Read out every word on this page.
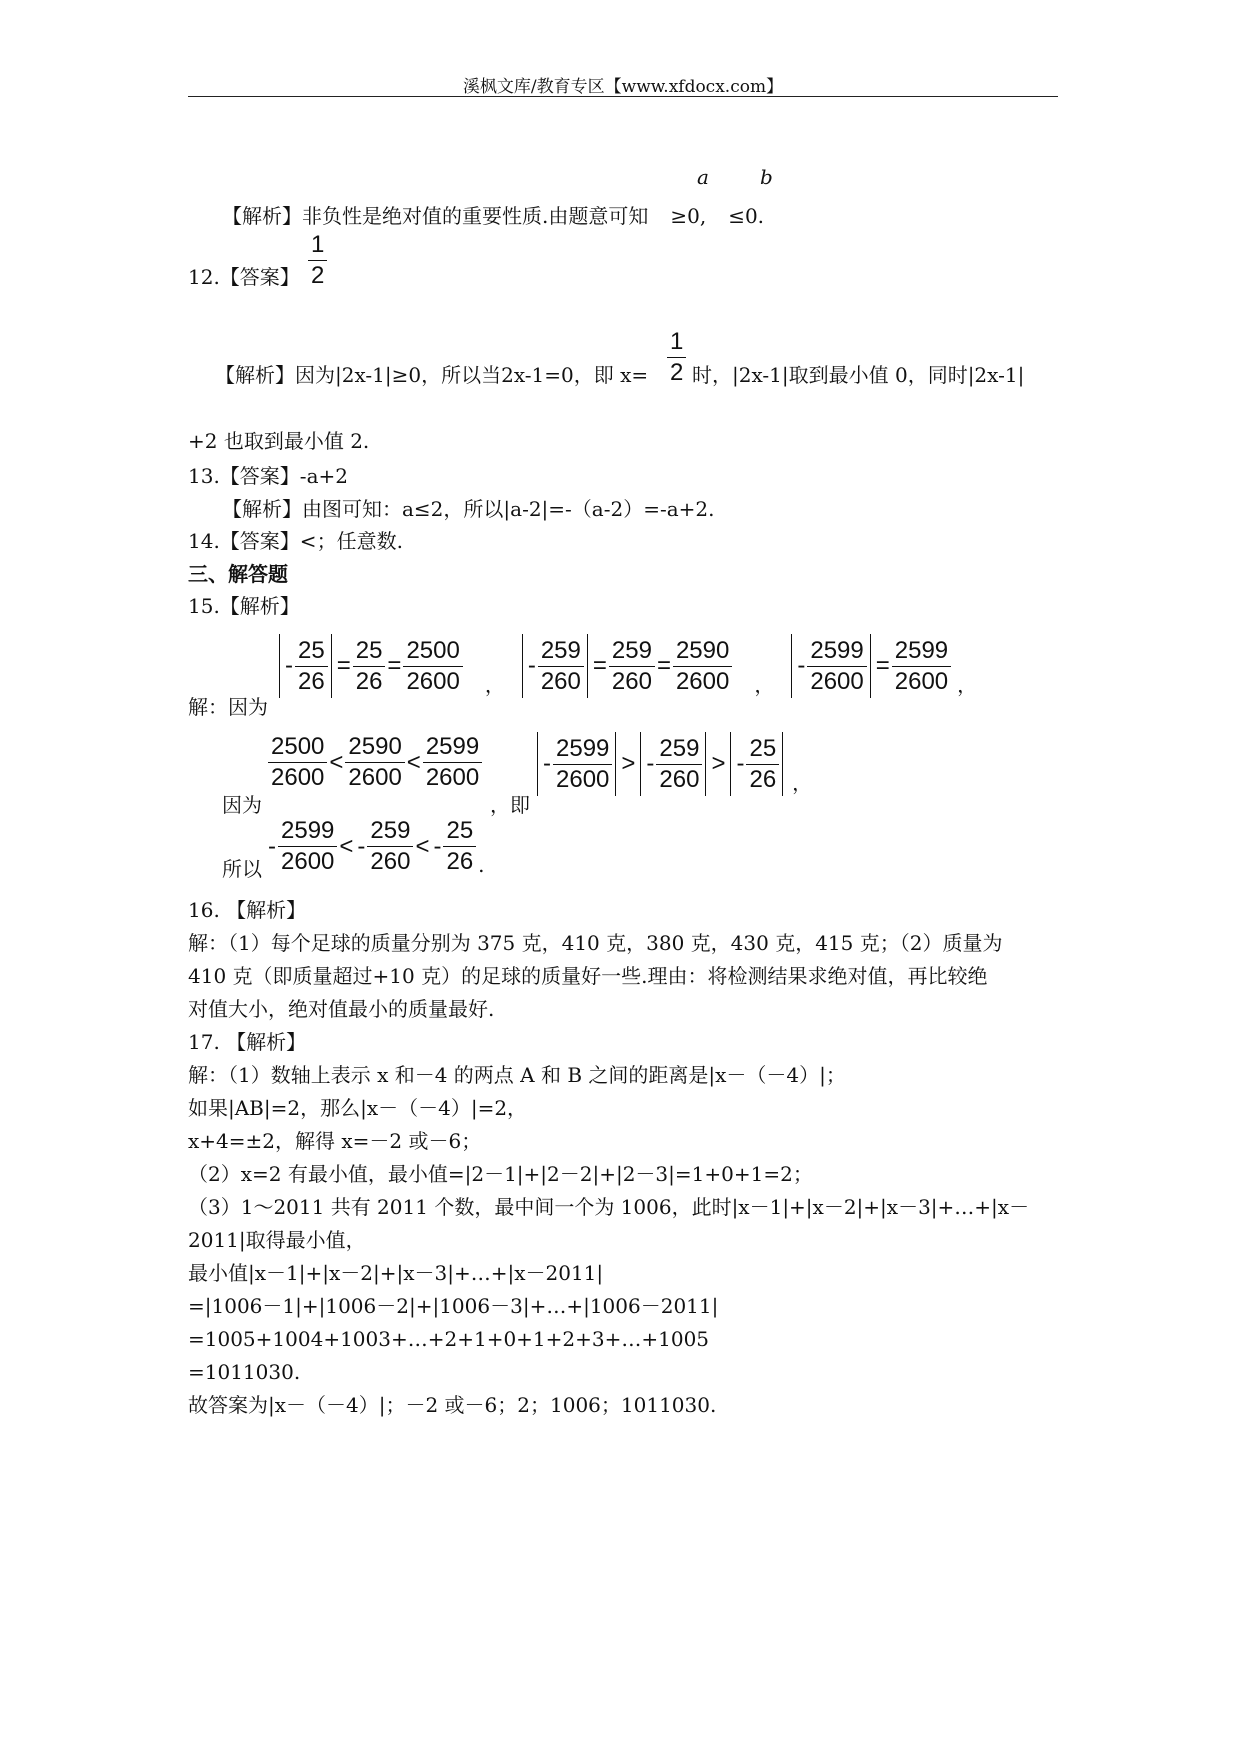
溪枫文库/教育专区【www.xfdocx.com】
a	b
【解析】非负性是绝对值的重要性质.由题意可知 ≥0, ≤0.
12.【答案】 $\frac{1}{2}$
【解析】因为|2x-1|≥0，所以当2x-1=0，即 $x= \frac{1}{2}$ 时，|2x-1|取到最小值 0，同时|2x-1|
+2 也取到最小值 2.
13.【答案】-a+2
【解析】由图可知：a≤2，所以|a-2|=-（a-2）=-a+2.
14.【答案】<；任意数.
三、解答题
15.【解析】
解：因为
- $\frac{25}{26} = \frac{25}{26} = \frac{2500}{2600}$	，
- $\frac{259}{260} = \frac{259}{260} = \frac{2590}{2600}$	，
- $\frac{2599}{2600} = \frac{2599}{2600}$ ，
因为
$\frac{2500}{2600} < \frac{2590}{2600} < \frac{2599}{2600}$
，即
- $\frac{2599}{2600}$ > - $\frac{259}{260}$ > - $\frac{25}{26}$ ，
所以
- $\frac{2599}{2600}$ < - $\frac{259}{260}$ < - $\frac{25}{26}$ .
16. 【解析】
解：（1）每个足球的质量分别为 375 克，410 克，380 克，430 克，415 克；（2）质量为
410 克（即质量超过+10 克）的足球的质量好一些.理由：将检测结果求绝对值，再比较绝
对值大小，绝对值最小的质量最好.
17. 【解析】
解：（1）数轴上表示 x 和－4 的两点 A 和 B 之间的距离是|x－（－4）|；
如果|AB|=2，那么|x－（－4）|=2，
x+4=±2，解得 x=－2 或－6；
（2）x=2 有最小值，最小值=|2－1|+|2－2|+|2－3|=1+0+1=2；
（3）1～2011 共有 2011 个数，最中间一个为 1006，此时|x－1|+|x－2|+|x－3|+…+|x－
2011|取得最小值，
最小值|x－1|+|x－2|+|x－3|+…+|x－2011|
=|1006－1|+|1006－2|+|1006－3|+…+|1006－2011|
=1005+1004+1003+…+2+1+0+1+2+3+…+1005
=1011030.
故答案为|x－（－4）|；－2 或－6；2；1006；1011030.
